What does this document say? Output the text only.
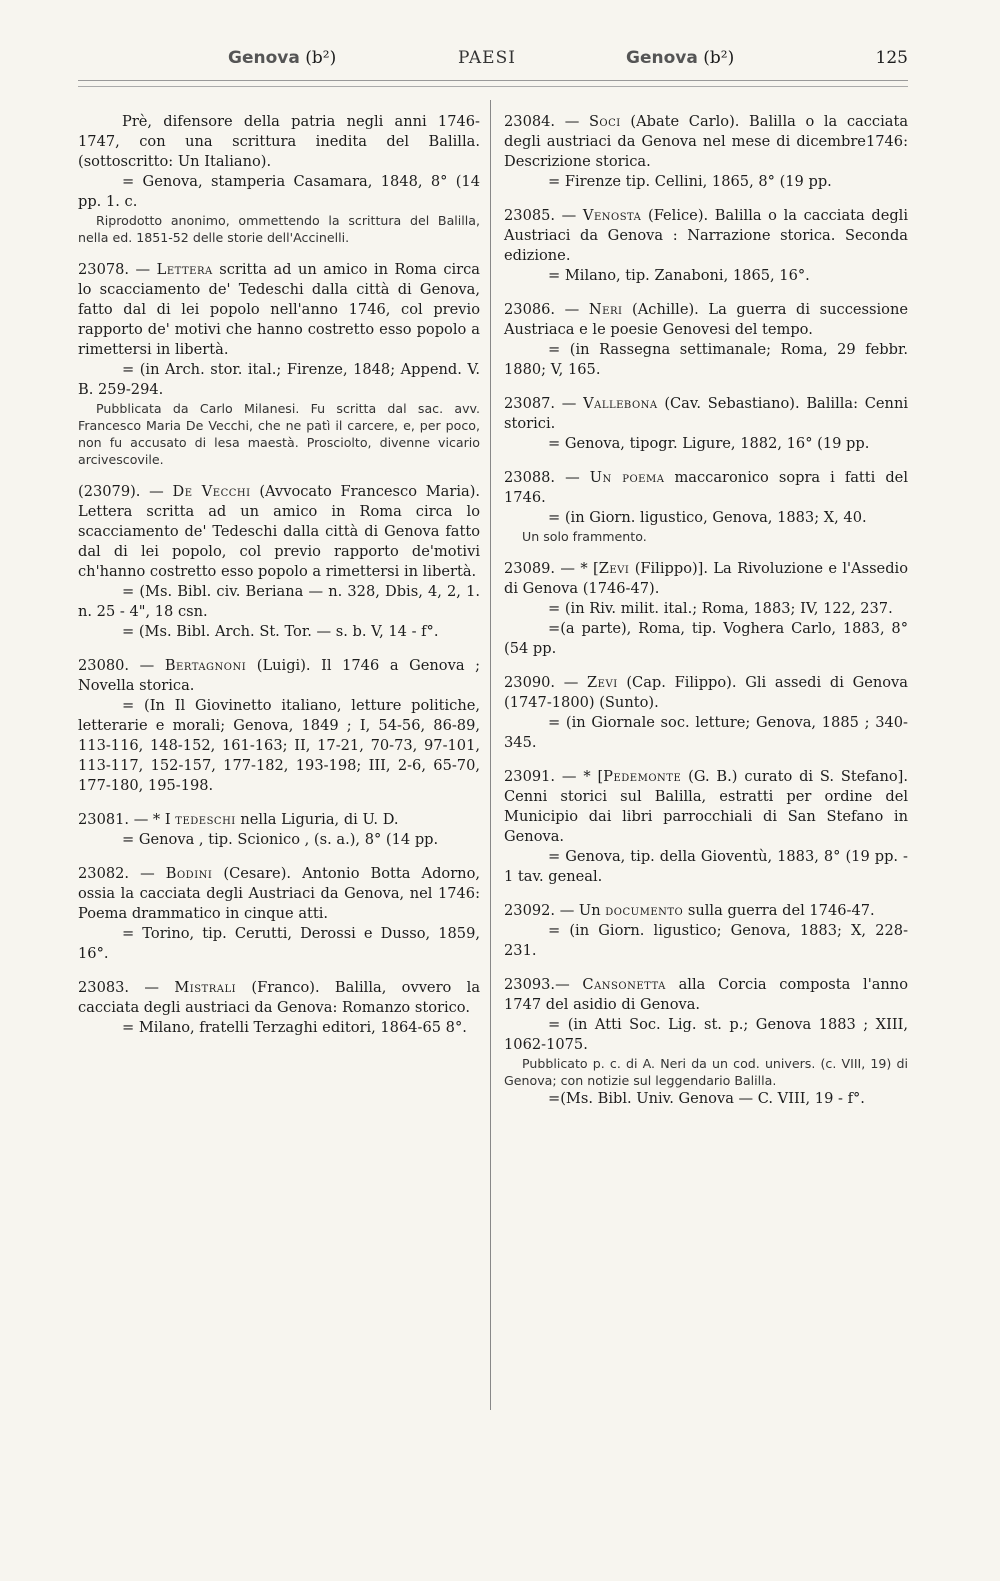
Genova (b²)	PAESI	Genova (b²)	125

Prè, difensore della patria negli anni 1746-1747, con una scrittura inedita del Balilla. (sottoscritto: Un Italiano).

= Genova, stamperia Casamara, 1848, 8° (14 pp. 1. c.

Riprodotto anonimo, ommettendo la scrittura del Balilla, nella ed. 1851-52 delle storie dell'Accinelli.

23078. — Lettera scritta ad un amico in Roma circa lo scacciamento de' Tedeschi dalla città di Genova, fatto dal di lei popolo nell'anno 1746, col previo rapporto de' motivi che hanno costretto esso popolo a rimettersi in libertà.

= (in Arch. stor. ital.; Firenze, 1848; Append. V. B. 259-294.

Pubblicata da Carlo Milanesi. Fu scritta dal sac. avv. Francesco Maria De Vecchi, che ne patì il carcere, e, per poco, non fu accusato di lesa maestà. Prosciolto, divenne vicario arcivescovile.

(23079). — De Vecchi (Avvocato Francesco Maria). Lettera scritta ad un amico in Roma circa lo scacciamento de' Tedeschi dalla città di Genova fatto dal di lei popolo, col previo rapporto de'motivi ch'hanno costretto esso popolo a rimettersi in libertà.

= (Ms. Bibl. civ. Beriana — n. 328, Dbis, 4, 2, 1. n. 25 - 4", 18 csn.

= (Ms. Bibl. Arch. St. Tor. — s. b. V, 14 - f°.

23080. — Bertagnoni (Luigi). Il 1746 a Genova ; Novella storica.

= (In Il Giovinetto italiano, letture politiche, letterarie e morali; Genova, 1849 ; I, 54-56, 86-89, 113-116, 148-152, 161-163; II, 17-21, 70-73, 97-101, 113-117, 152-157, 177-182, 193-198; III, 2-6, 65-70, 177-180, 195-198.

23081. — * I tedeschi nella Liguria, di U. D.

= Genova , tip. Scionico , (s. a.), 8° (14 pp.

23082. — Bodini (Cesare). Antonio Botta Adorno, ossia la cacciata degli Austriaci da Genova, nel 1746: Poema drammatico in cinque atti.

= Torino, tip. Cerutti, Derossi e Dusso, 1859, 16°.

23083. — Mistrali (Franco). Balilla, ovvero la cacciata degli austriaci da Genova: Romanzo storico.

= Milano, fratelli Terzaghi editori, 1864-65 8°.

23084. — Soci (Abate Carlo). Balilla o la cacciata degli austriaci da Genova nel mese di dicembre1746: Descrizione storica.

= Firenze tip. Cellini, 1865, 8° (19 pp.

23085. — Venosta (Felice). Balilla o la cacciata degli Austriaci da Genova : Narrazione storica. Seconda edizione.

= Milano, tip. Zanaboni, 1865, 16°.

23086. — Neri (Achille). La guerra di successione Austriaca e le poesie Genovesi del tempo.

= (in Rassegna settimanale; Roma, 29 febbr. 1880; V, 165.

23087. — Vallebona (Cav. Sebastiano). Balilla: Cenni storici.

= Genova, tipogr. Ligure, 1882, 16° (19 pp.

23088. — Un poema maccaronico sopra i fatti del 1746.

= (in Giorn. ligustico, Genova, 1883; X, 40.

Un solo frammento.

23089. — * [Zevi (Filippo)]. La Rivoluzione e l'Assedio di Genova (1746-47).

= (in Riv. milit. ital.; Roma, 1883; IV, 122, 237.

=(a parte), Roma, tip. Voghera Carlo, 1883, 8° (54 pp.

23090. — Zevi (Cap. Filippo). Gli assedi di Genova (1747-1800) (Sunto).

= (in Giornale soc. letture; Genova, 1885 ; 340-345.

23091. — * [Pedemonte (G. B.) curato di S. Stefano]. Cenni storici sul Balilla, estratti per ordine del Municipio dai libri parrocchiali di San Stefano in Genova.

= Genova, tip. della Gioventù, 1883, 8° (19 pp. - 1 tav. geneal.

23092. — Un documento sulla guerra del 1746-47.

= (in Giorn. ligustico; Genova, 1883; X, 228-231.

23093.— Cansonetta alla Corcia composta l'anno 1747 del asidio di Genova.

= (in Atti Soc. Lig. st. p.; Genova 1883 ; XIII, 1062-1075.

Pubblicato p. c. di A. Neri da un cod. univers. (c. VIII, 19) di Genova; con notizie sul leggendario Balilla.

=(Ms. Bibl. Univ. Genova — C. VIII, 19 - f°.
